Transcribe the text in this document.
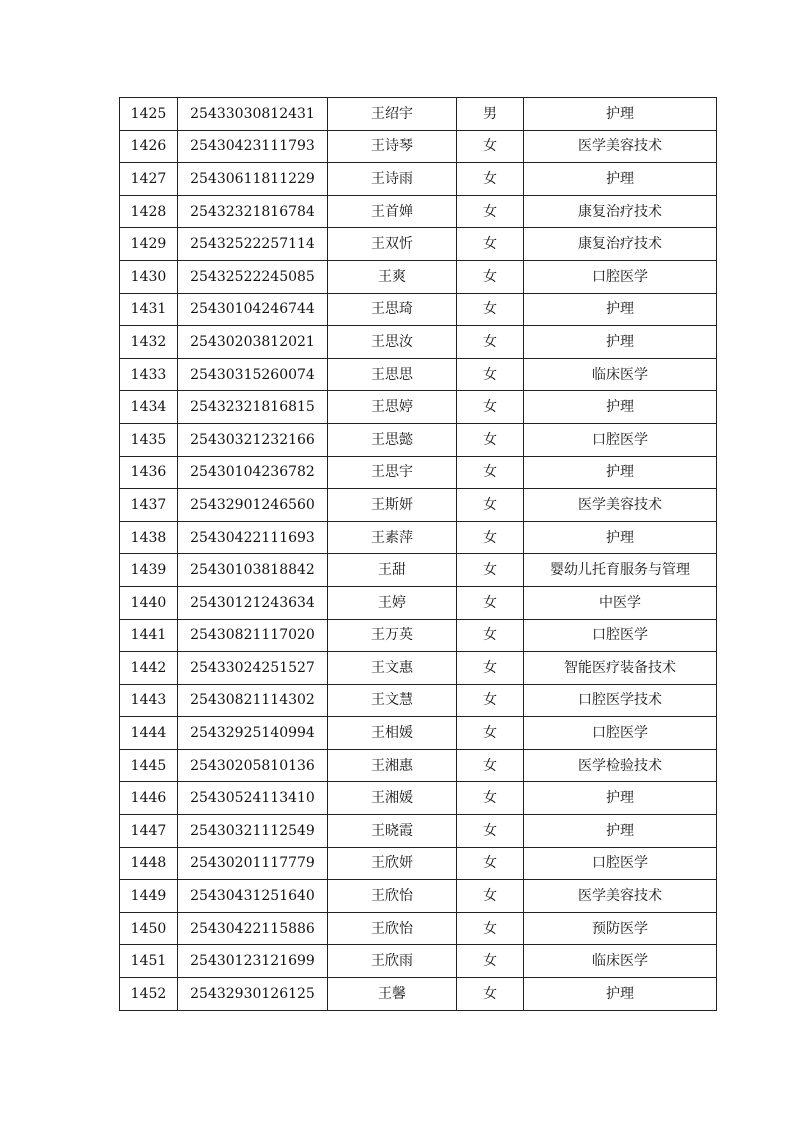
1425	25433030812431	王绍宇	男	护理
1426	25430423111793	王诗琴	女	医学美容技术
1427	25430611811229	王诗雨	女	护理
1428	25432321816784	王首婵	女	康复治疗技术
1429	25432522257114	王双忻	女	康复治疗技术
1430	25432522245085	王爽	女	口腔医学
1431	25430104246744	王思琦	女	护理
1432	25430203812021	王思汝	女	护理
1433	25430315260074	王思思	女	临床医学
1434	25432321816815	王思婷	女	护理
1435	25430321232166	王思懿	女	口腔医学
1436	25430104236782	王思宇	女	护理
1437	25432901246560	王斯妍	女	医学美容技术
1438	25430422111693	王素萍	女	护理
1439	25430103818842	王甜	女	婴幼儿托育服务与管理
1440	25430121243634	王婷	女	中医学
1441	25430821117020	王万英	女	口腔医学
1442	25433024251527	王文惠	女	智能医疗装备技术
1443	25430821114302	王文慧	女	口腔医学技术
1444	25432925140994	王相媛	女	口腔医学
1445	25430205810136	王湘惠	女	医学检验技术
1446	25430524113410	王湘媛	女	护理
1447	25430321112549	王晓霞	女	护理
1448	25430201117779	王欣妍	女	口腔医学
1449	25430431251640	王欣怡	女	医学美容技术
1450	25430422115886	王欣怡	女	预防医学
1451	25430123121699	王欣雨	女	临床医学
1452	25432930126125	王馨	女	护理
